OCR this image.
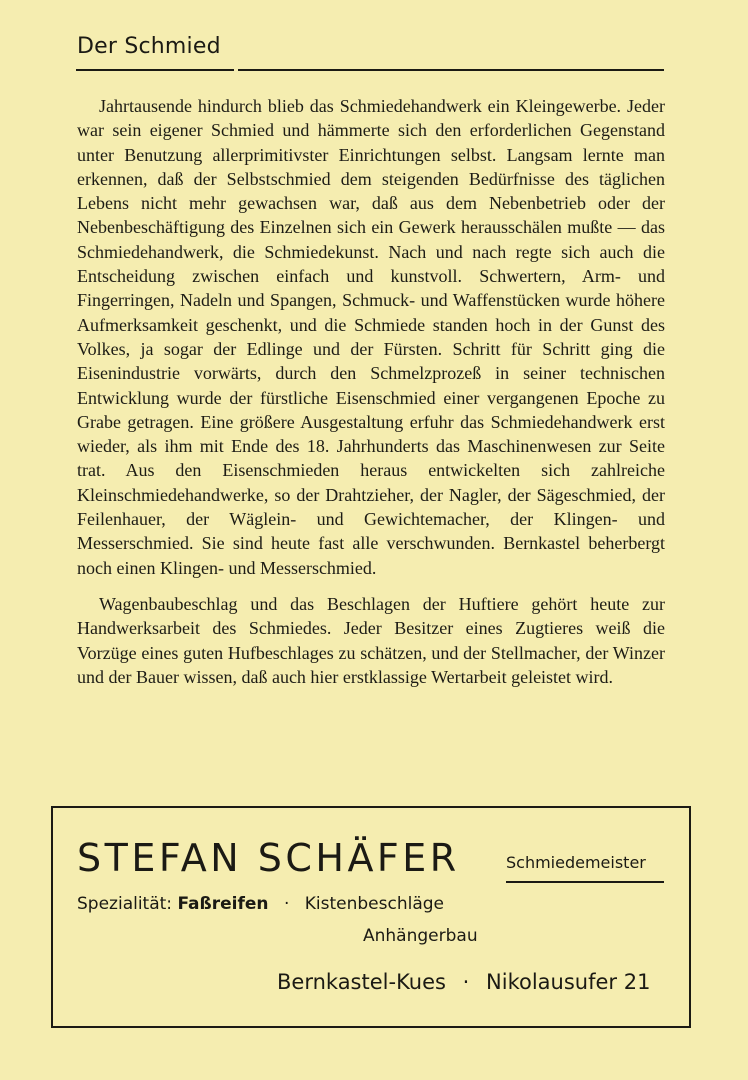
Der Schmied

Jahrtausende hindurch blieb das Schmiedehandwerk ein Kleingewerbe. Jeder war sein eigener Schmied und hämmerte sich den erforderlichen Gegenstand unter Benutzung allerprimitivster Einrichtungen selbst. Langsam lernte man erkennen, daß der Selbstschmied dem steigenden Bedürfnisse des täglichen Lebens nicht mehr gewachsen war, daß aus dem Nebenbetrieb oder der Nebenbeschäftigung des Einzelnen sich ein Gewerk herausschälen mußte — das Schmiedehandwerk, die Schmiedekunst. Nach und nach regte sich auch die Entscheidung zwischen einfach und kunstvoll. Schwertern, Arm- und Fingerringen, Nadeln und Spangen, Schmuck- und Waffenstücken wurde höhere Aufmerksamkeit geschenkt, und die Schmiede standen hoch in der Gunst des Volkes, ja sogar der Edlinge und der Fürsten. Schritt für Schritt ging die Eisenindustrie vorwärts, durch den Schmelzprozeß in seiner technischen Entwicklung wurde der fürstliche Eisenschmied einer vergangenen Epoche zu Grabe getragen. Eine größere Ausgestaltung erfuhr das Schmiedehandwerk erst wieder, als ihm mit Ende des 18. Jahrhunderts das Maschinenwesen zur Seite trat. Aus den Eisenschmieden heraus entwickelten sich zahlreiche Kleinschmiedehandwerke, so der Drahtzieher, der Nagler, der Sägeschmied, der Feilenhauer, der Wäglein- und Gewichtemacher, der Klingen- und Messerschmied. Sie sind heute fast alle verschwunden. Bernkastel beherbergt noch einen Klingen- und Messerschmied.

Wagenbaubeschlag und das Beschlagen der Huftiere gehört heute zur Handwerksarbeit des Schmiedes. Jeder Besitzer eines Zugtieres weiß die Vorzüge eines guten Hufbeschlages zu schätzen, und der Stellmacher, der Winzer und der Bauer wissen, daß auch hier erstklassige Wertarbeit geleistet wird.

STEFAN SCHÄFER	Schmiedemeister
Spezialität: Faßreifen · Kistenbeschläge
Anhängerbau
Bernkastel-Kues · Nikolausufer 21
